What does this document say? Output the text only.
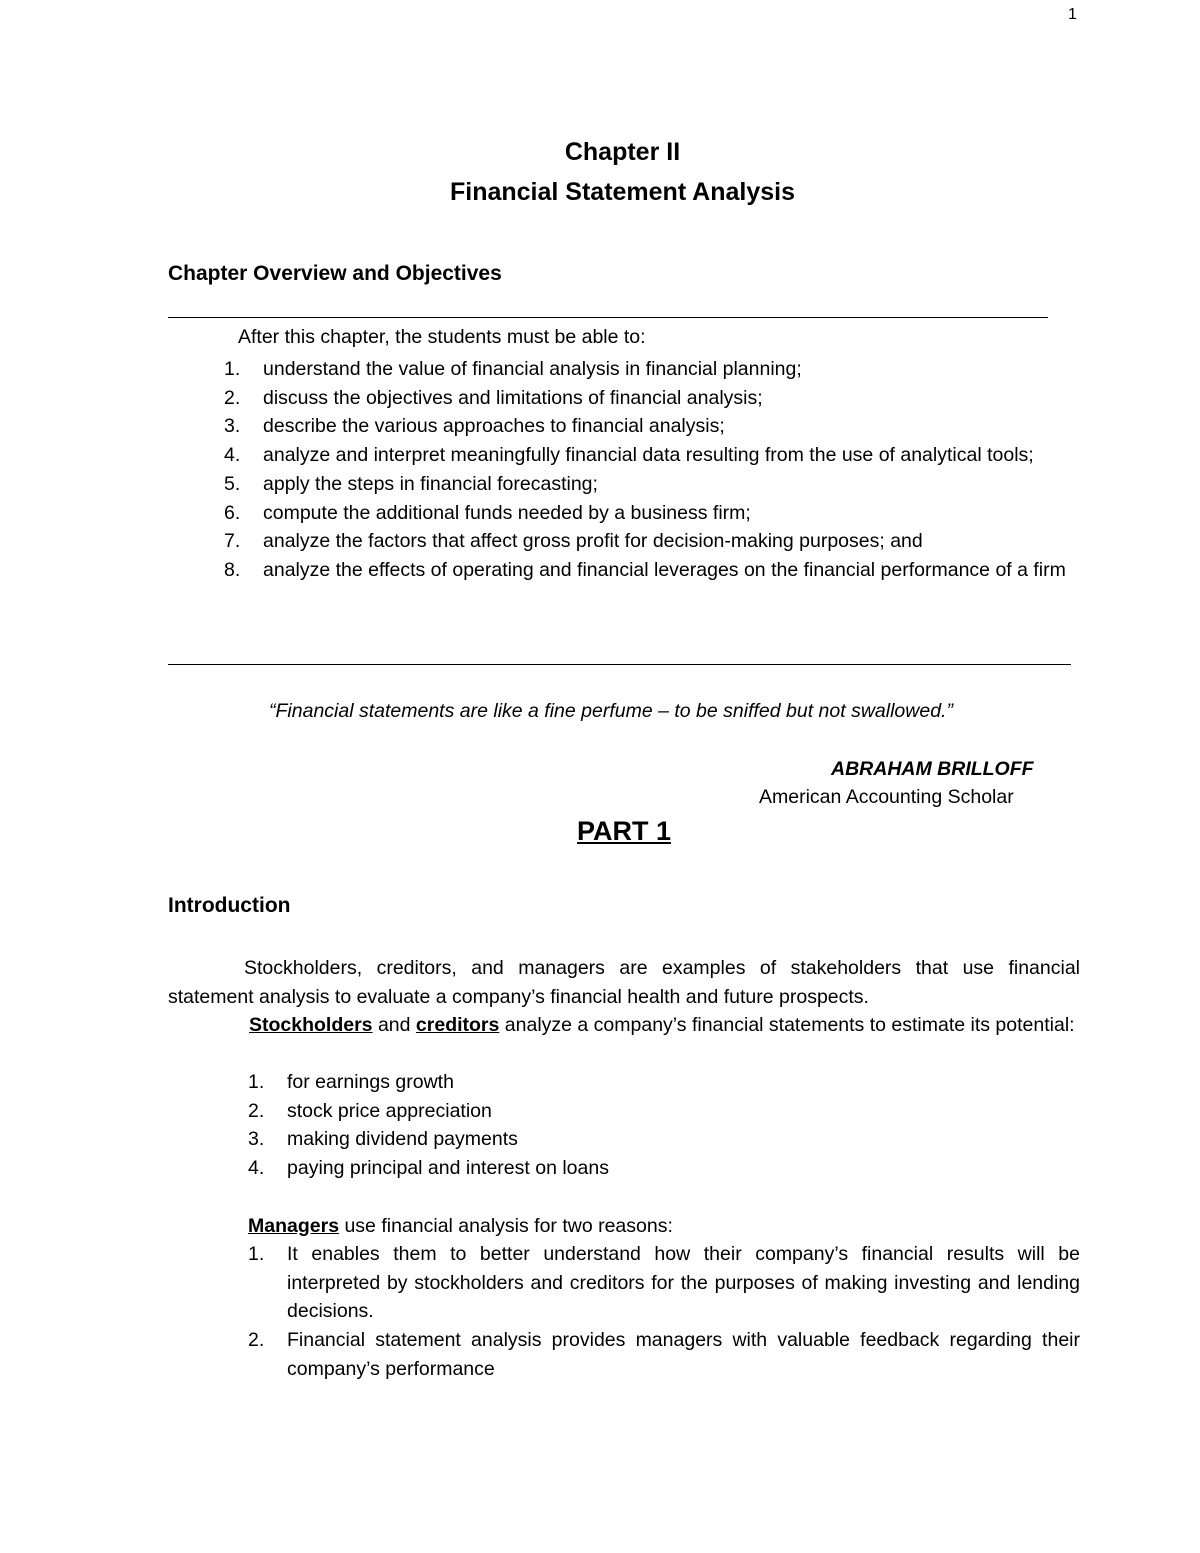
1
Chapter II
Financial Statement Analysis
Chapter Overview and Objectives
After this chapter, the students must be able to:
1. understand the value of financial analysis in financial planning;
2. discuss the objectives and limitations of financial analysis;
3. describe the various approaches to financial analysis;
4. analyze and interpret meaningfully financial data resulting from the use of analytical tools;
5. apply the steps in financial forecasting;
6. compute the additional funds needed by a business firm;
7. analyze the factors that affect gross profit for decision-making purposes; and
8. analyze the effects of operating and financial leverages on the financial performance of a firm
“Financial statements are like a fine perfume – to be sniffed but not swallowed.”
ABRAHAM BRILLOFF
American Accounting Scholar
PART 1
Introduction

Stockholders, creditors, and managers are examples of stakeholders that use financial statement analysis to evaluate a company’s financial health and future prospects.

Stockholders and creditors analyze a company’s financial statements to estimate its potential:

1. for earnings growth
2. stock price appreciation
3. making dividend payments
4. paying principal and interest on loans
Managers use financial analysis for two reasons:
1. It enables them to better understand how their company’s financial results will be interpreted by stockholders and creditors for the purposes of making investing and lending decisions.
2. Financial statement analysis provides managers with valuable feedback regarding their company’s performance
